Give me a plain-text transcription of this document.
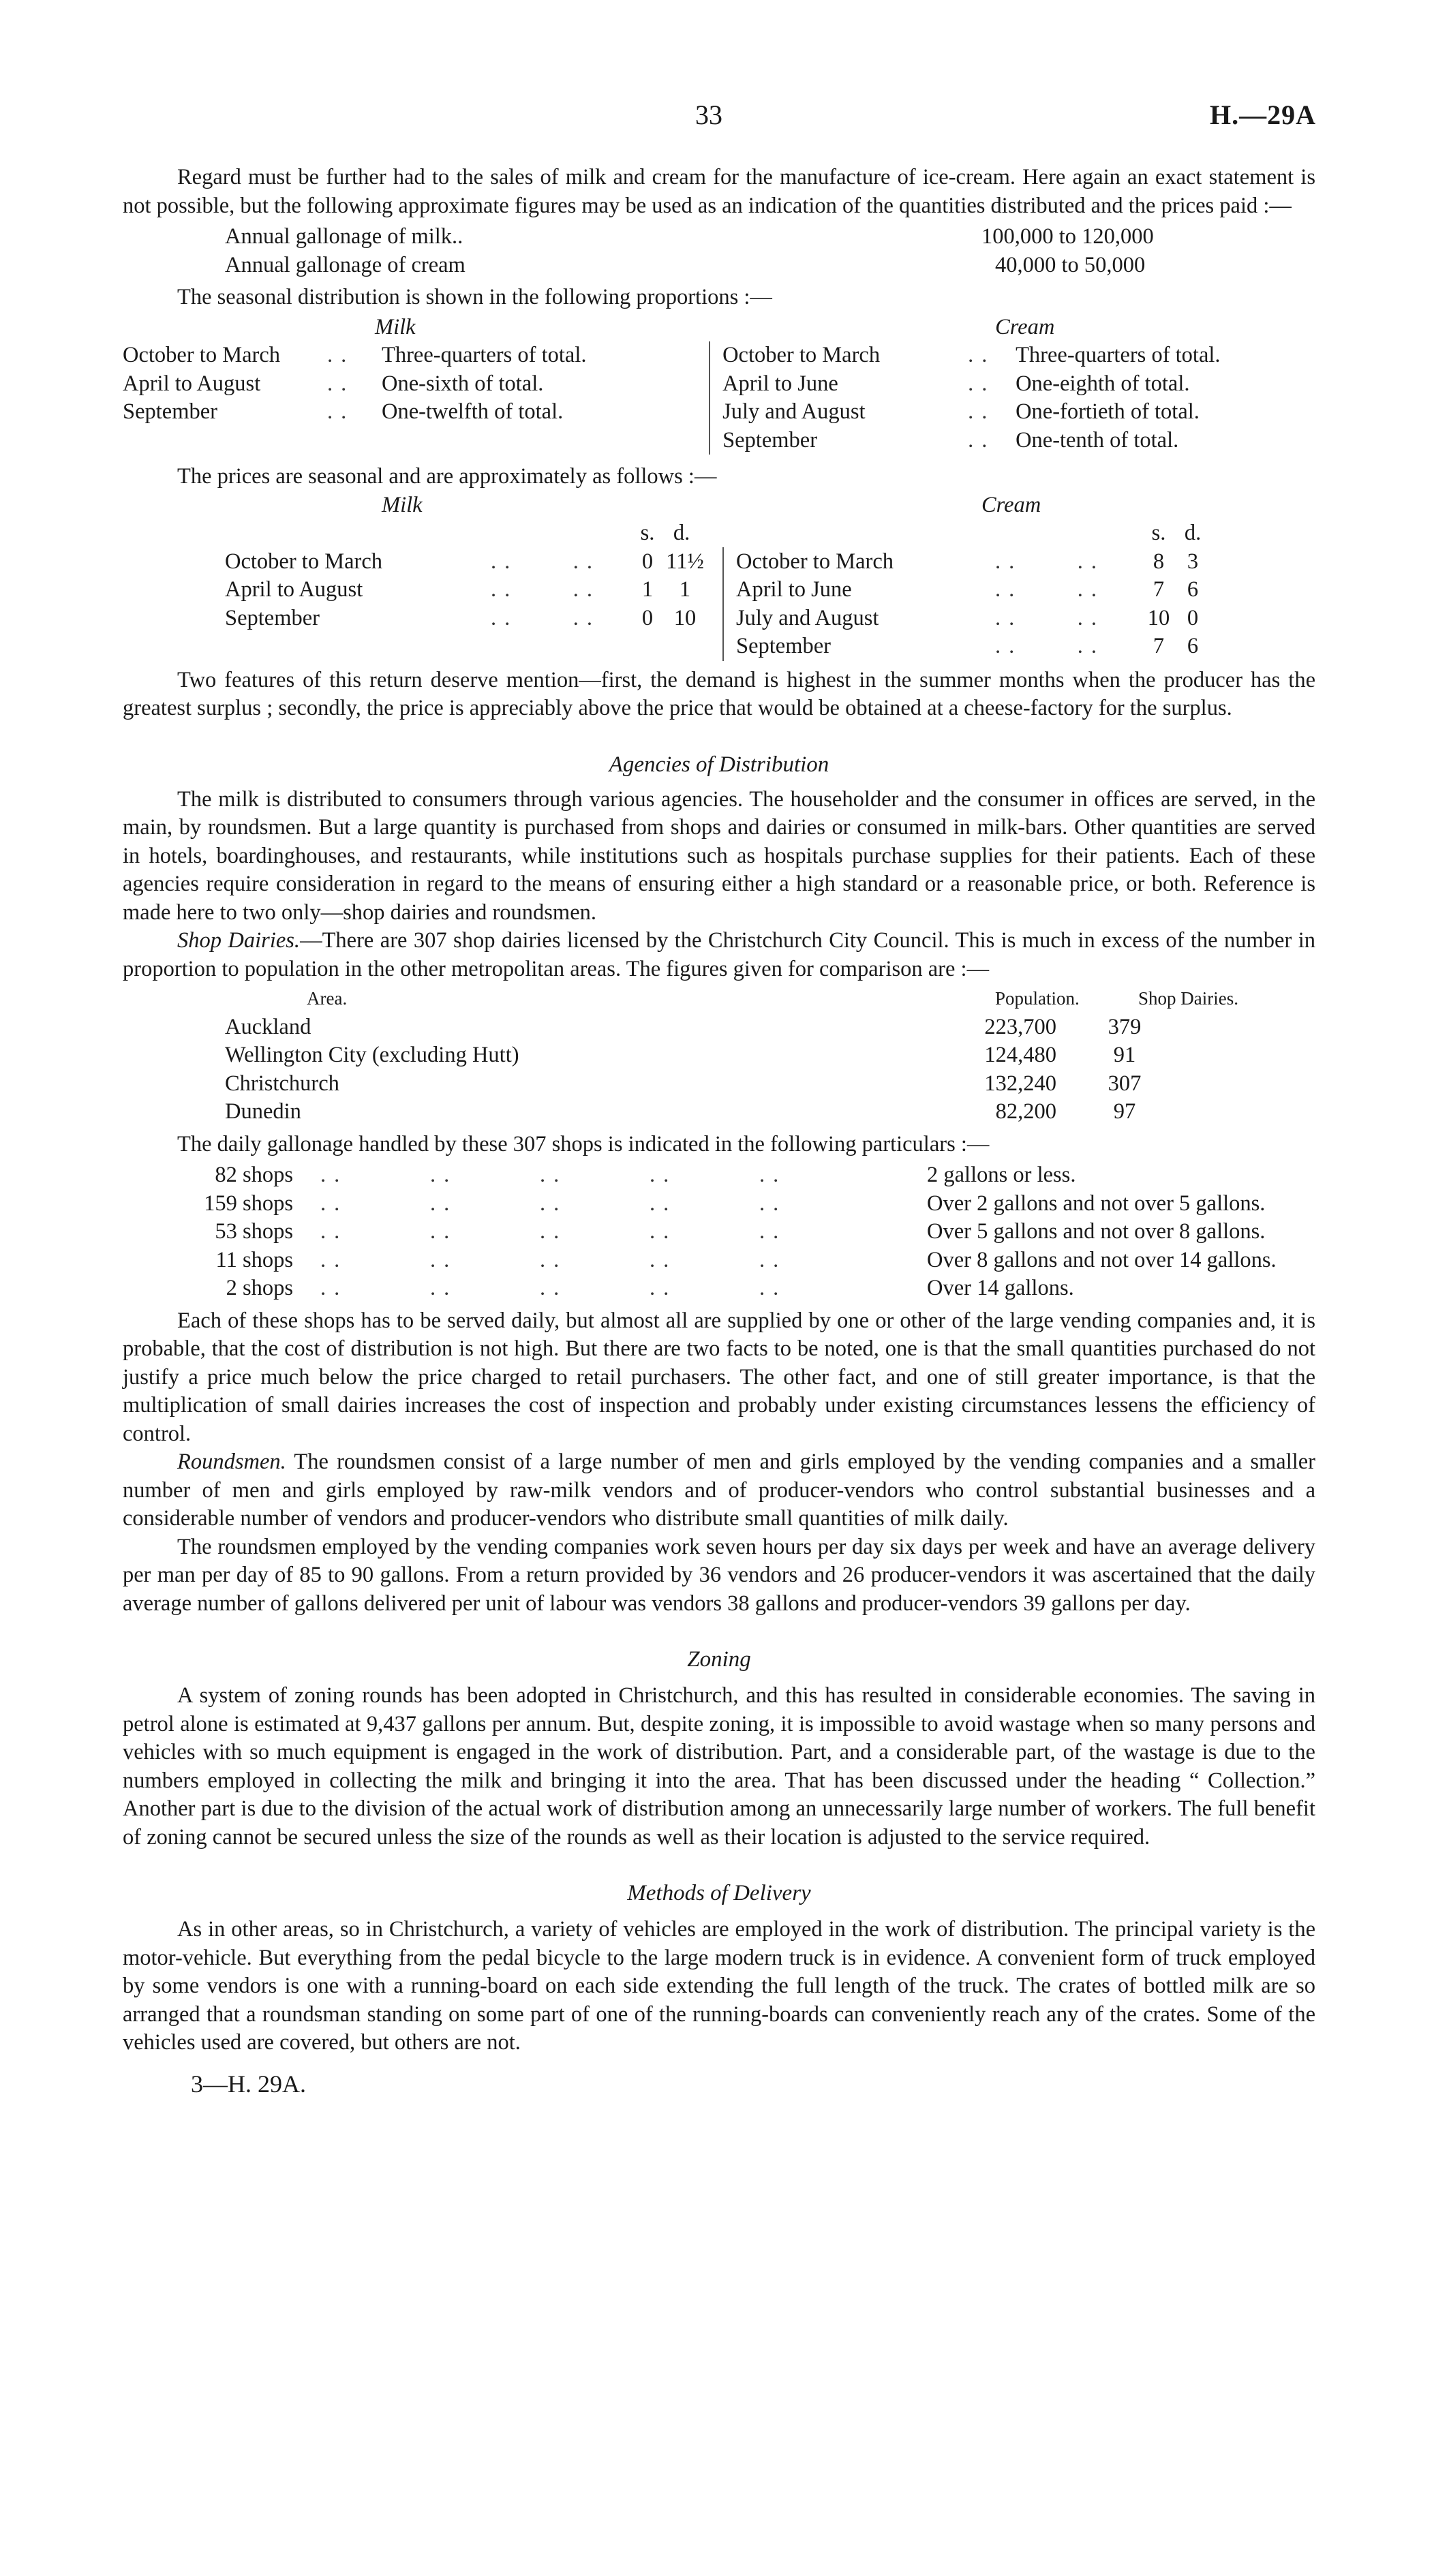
33	H.—29A

Regard must be further had to the sales of milk and cream for the manufacture of ice-cream. Here again an exact statement is not possible, but the following approximate figures may be used as an indication of the quantities distributed and the prices paid :—

Annual gallonage of milk..	100,000 to 120,000
Annual gallonage of cream	40,000 to 50,000

The seasonal distribution is shown in the following proportions :—

Milk
October to March	..	Three-quarters of total.
April to August	..	One-sixth of total.
September	..	One-twelfth of total.
Cream
October to March	.. Three-quarters of total.
April to June	.. One-eighth of total.
July and August	.. One-fortieth of total.
September	.. One-tenth of total.

The prices are seasonal and are approximately as follows :—

Milk
s. d.
October to March	..    ..	0 11½
April to August	..    ..	1	1
September	..    ..	0 10
Cream
s. d.
October to March	..    ..	8	3
April to June	..    ..	7	6
July and August	..    ..	10 0
September	..    ..	7	6

Two features of this return deserve mention—first, the demand is highest in the summer months when the producer has the greatest surplus ; secondly, the price is appreciably above the price that would be obtained at a cheese-factory for the surplus.

Agencies of Distribution

The milk is distributed to consumers through various agencies. The householder and the consumer in offices are served, in the main, by roundsmen. But a large quantity is purchased from shops and dairies or consumed in milk-bars. Other quantities are served in hotels, boardinghouses, and restaurants, while institutions such as hospitals purchase supplies for their patients. Each of these agencies require consideration in regard to the means of ensuring either a high standard or a reasonable price, or both. Reference is made here to two only—shop dairies and roundsmen.

Shop Dairies.—There are 307 shop dairies licensed by the Christchurch City Council. This is much in excess of the number in proportion to population in the other metropolitan areas. The figures given for comparison are :—

Area.	Population.	Shop Dairies.
Auckland	223,700	379
Wellington City (excluding Hutt)	124,480	91
Christchurch	132,240	307
Dunedin	82,200	97

The daily gallonage handled by these 307 shops is indicated in the following particulars :—

82 shops	..      ..      ..      ..      ..	2 gallons or less.
159 shops	..      ..      ..      ..      ..	Over 2 gallons and not over 5 gallons.
53 shops	..      ..      ..      ..      ..	Over 5 gallons and not over 8 gallons.
11 shops	..      ..      ..      ..      ..	Over 8 gallons and not over 14 gallons.
2 shops	..      ..      ..      ..      ..	Over 14 gallons.

Each of these shops has to be served daily, but almost all are supplied by one or other of the large vending companies and, it is probable, that the cost of distribution is not high. But there are two facts to be noted, one is that the small quantities purchased do not justify a price much below the price charged to retail purchasers. The other fact, and one of still greater importance, is that the multiplication of small dairies increases the cost of inspection and probably under existing circumstances lessens the efficiency of control.

Roundsmen. The roundsmen consist of a large number of men and girls employed by the vending companies and a smaller number of men and girls employed by raw-milk vendors and of producer-vendors who control substantial businesses and a considerable number of vendors and producer-vendors who distribute small quantities of milk daily.

The roundsmen employed by the vending companies work seven hours per day six days per week and have an average delivery per man per day of 85 to 90 gallons. From a return provided by 36 vendors and 26 producer-vendors it was ascertained that the daily average number of gallons delivered per unit of labour was vendors 38 gallons and producer-vendors 39 gallons per day.

Zoning

A system of zoning rounds has been adopted in Christchurch, and this has resulted in considerable economies. The saving in petrol alone is estimated at 9,437 gallons per annum. But, despite zoning, it is impossible to avoid wastage when so many persons and vehicles with so much equipment is engaged in the work of distribution. Part, and a considerable part, of the wastage is due to the numbers employed in collecting the milk and bringing it into the area. That has been discussed under the heading “ Collection.” Another part is due to the division of the actual work of distribution among an unnecessarily large number of workers. The full benefit of zoning cannot be secured unless the size of the rounds as well as their location is adjusted to the service required.

Methods of Delivery

As in other areas, so in Christchurch, a variety of vehicles are employed in the work of distribution. The principal variety is the motor-vehicle. But everything from the pedal bicycle to the large modern truck is in evidence. A convenient form of truck employed by some vendors is one with a running-board on each side extending the full length of the truck. The crates of bottled milk are so arranged that a roundsman standing on some part of one of the running-boards can conveniently reach any of the crates. Some of the vehicles used are covered, but others are not.

3—H. 29A.
